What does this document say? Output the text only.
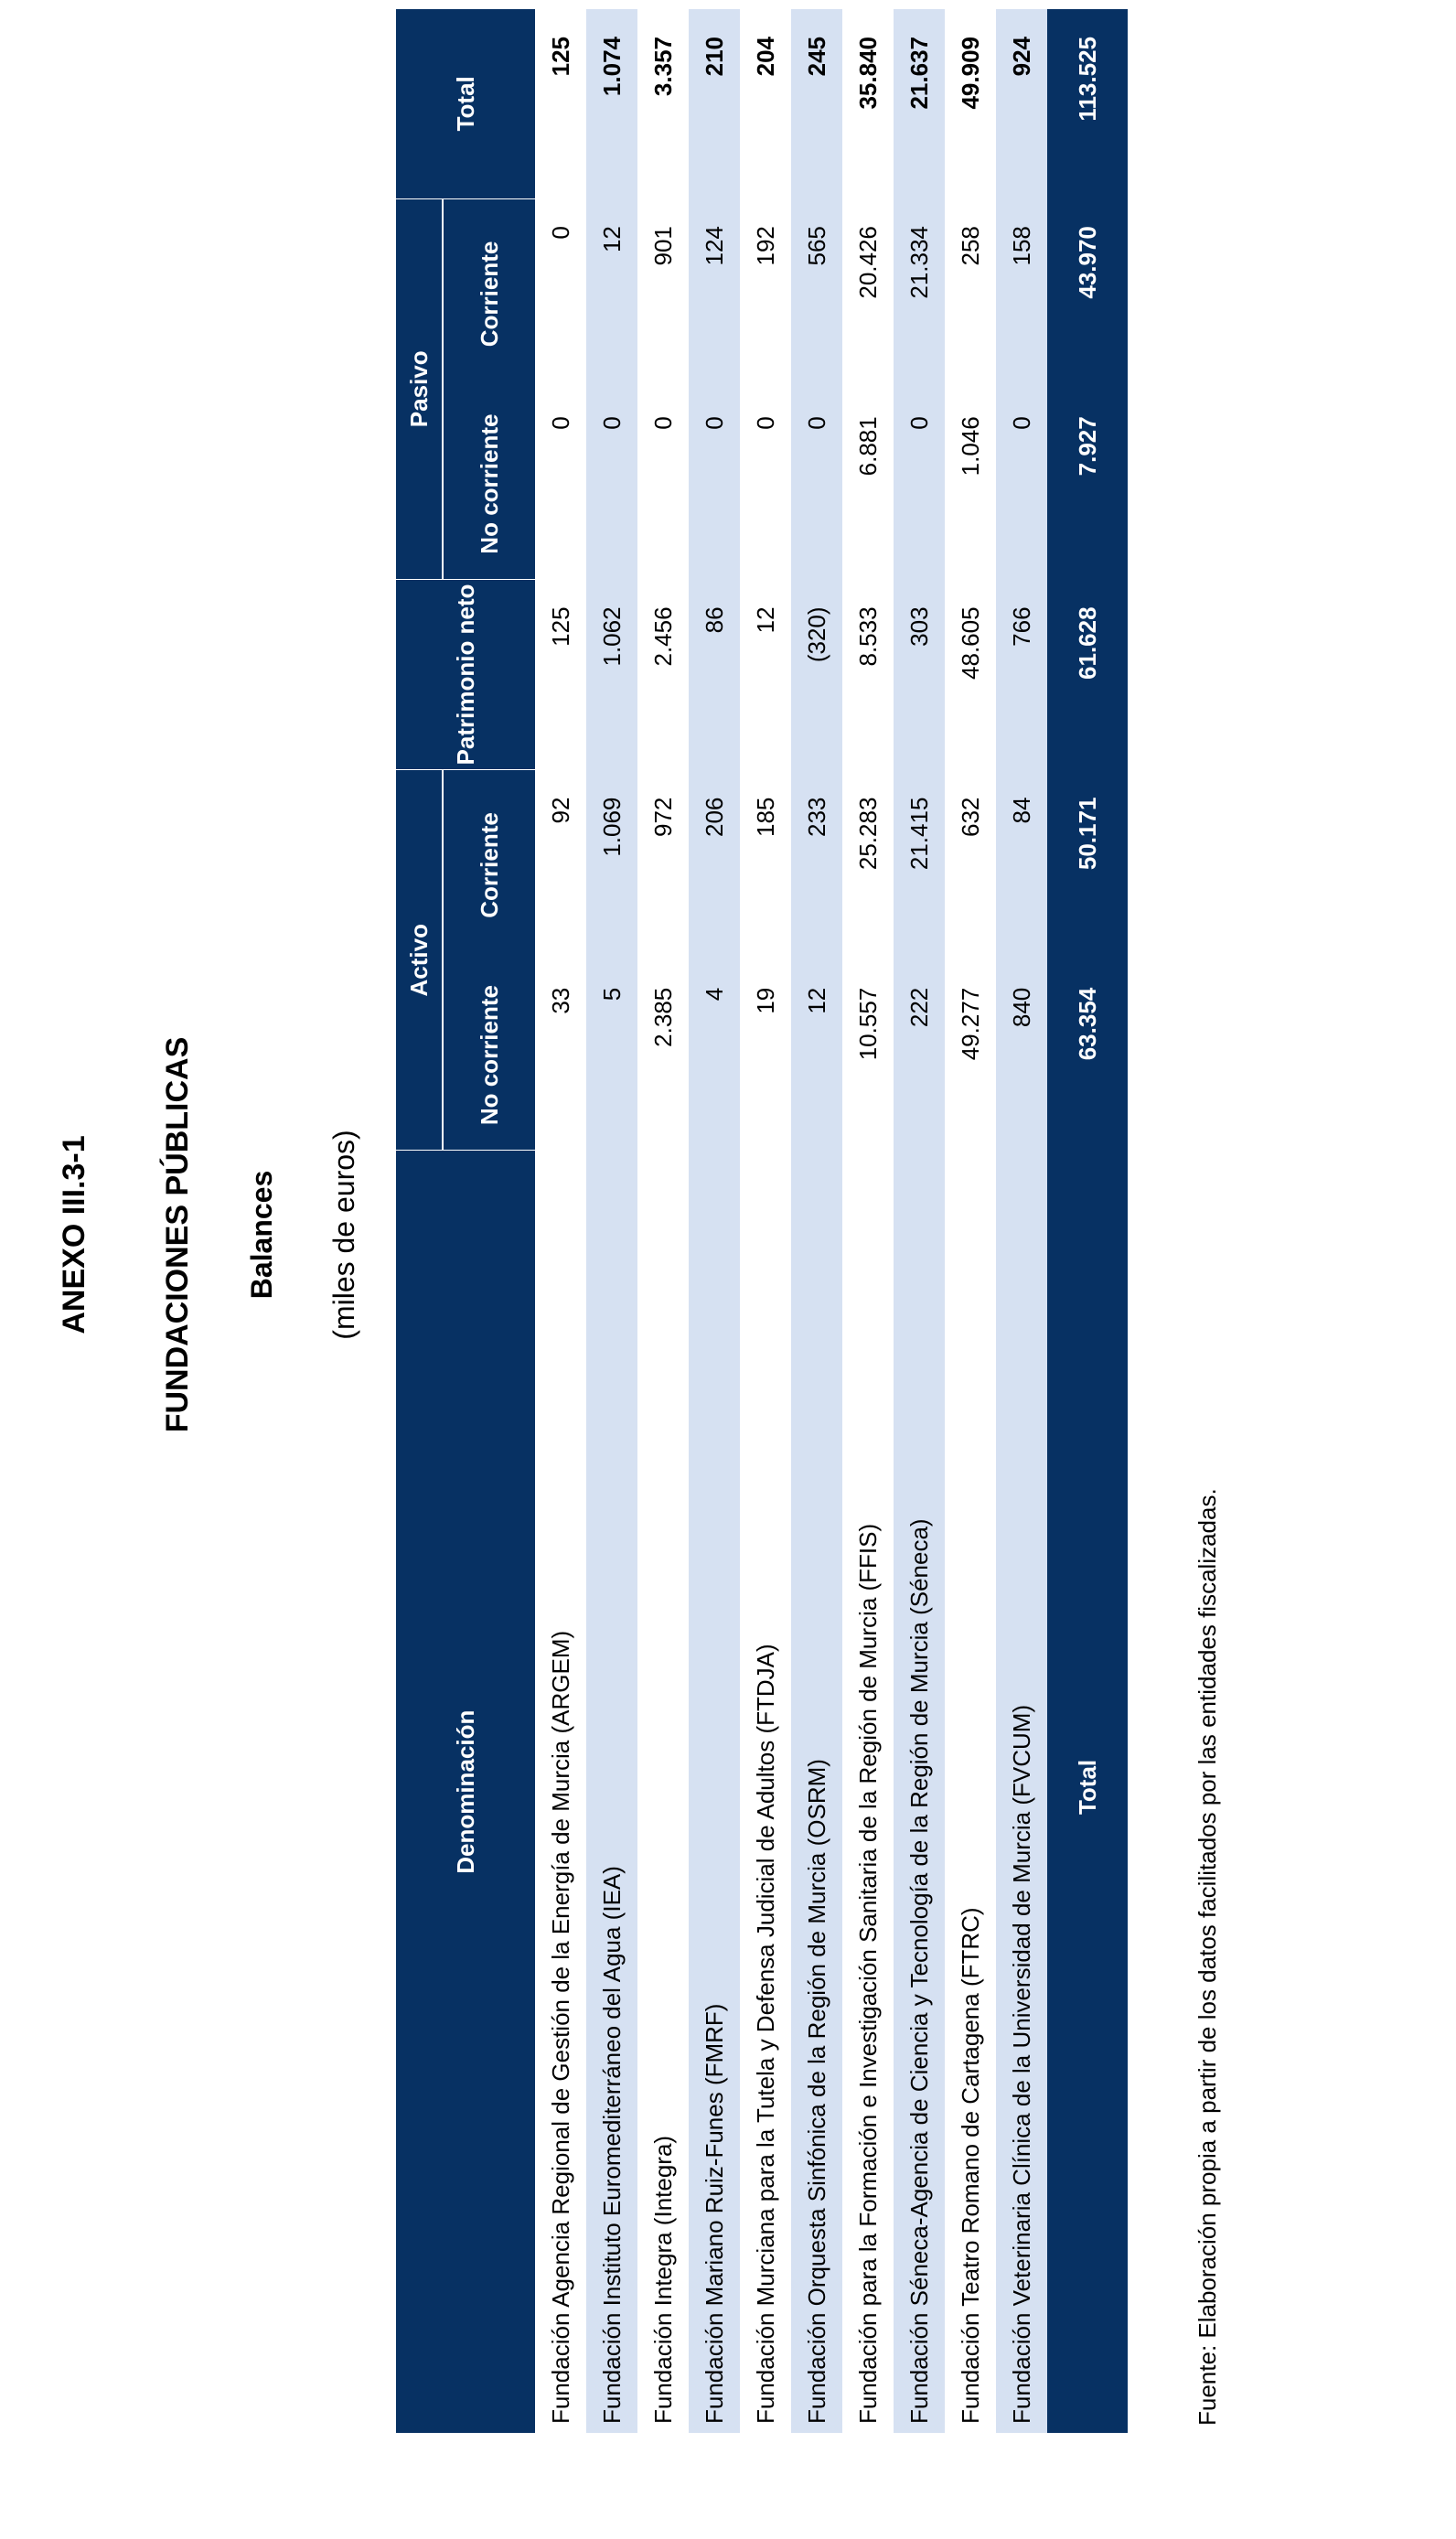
ANEXO III.3-1 FUNDACIONES PÚBLICAS Balances (miles de euros)
Denominación	Activo		Patrimonio neto	Pasivo		Total
	No corriente	Corriente		No corriente	Corriente	
Fundación Agencia Regional de Gestión de la Energía de Murcia (ARGEM)	33	92	125	0	0	125
Fundación Instituto Euromediterráneo del Agua (IEA)	5	1.069	1.062	0	12	1.074
Fundación Integra (Integra)	2.385	972	2.456	0	901	3.357
Fundación Mariano Ruiz-Funes (FMRF)	4	206	86	0	124	210
Fundación Murciana para la Tutela y Defensa Judicial de Adultos (FTDJA)	19	185	12	0	192	204
Fundación Orquesta Sinfónica de la Región de Murcia (OSRM)	12	233	(320)	0	565	245
Fundación para la Formación e Investigación Sanitaria de la Región de Murcia (FFIS)	10.557	25.283	8.533	6.881	20.426	35.840
Fundación Séneca-Agencia de Ciencia y Tecnología de la Región de Murcia (Séneca)	222	21.415	303	0	21.334	21.637
Fundación Teatro Romano de Cartagena (FTRC)	49.277	632	48.605	1.046	258	49.909
Fundación Veterinaria Clínica de la Universidad de Murcia (FVCUM)	840	84	766	0	158	924
Total	63.354	50.171	61.628	7.927	43.970	113.525
Fuente: Elaboración propia a partir de los datos facilitados por las entidades fiscalizadas.
